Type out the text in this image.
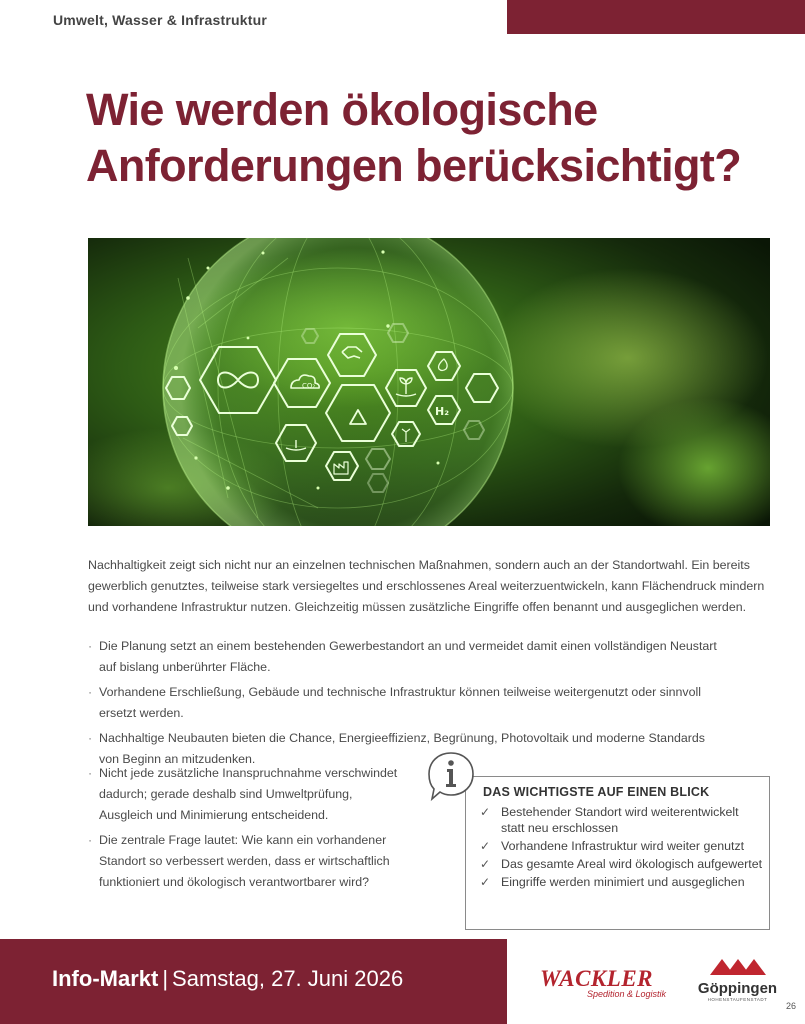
Umwelt, Wasser & Infrastruktur
Wie werden ökologische
Anforderungen berücksichtigt?
CO₂
H₂

Nachhaltigkeit zeigt sich nicht nur an einzelnen technischen Maßnahmen, sondern auch an der Standortwahl. Ein bereits gewerblich genutztes, teilweise stark versiegeltes und erschlossenes Areal weiterzuentwickeln, kann Flächendruck mindern und vorhandene Infrastruktur nutzen. Gleichzeitig müssen zusätzliche Eingriffe offen benannt und ausgeglichen werden.

· Die Planung setzt an einem bestehenden Gewerbestandort an und vermeidet damit einen vollständigen Neustart auf bislang unberührter Fläche.
· Vorhandene Erschließung, Gebäude und technische Infrastruktur können teilweise weitergenutzt oder sinnvoll ersetzt werden.
· Nachhaltige Neubauten bieten die Chance, Energieeffizienz, Begrünung, Photovoltaik und moderne Standards von Beginn an mitzudenken.
· Nicht jede zusätzliche Inanspruchnahme verschwindet dadurch; gerade deshalb sind Umweltprüfung, Ausgleich und Minimierung entscheidend.
· Die zentrale Frage lautet: Wie kann ein vorhandener Standort so verbessert werden, dass er wirtschaftlich funktioniert und ökologisch verantwortbarer wird?
DAS WICHTIGSTE AUF EINEN BLICK
✓ Bestehender Standort wird weiterentwickelt statt neu erschlossen
✓ Vorhandene Infrastruktur wird weiter genutzt
✓ Das gesamte Areal wird ökologisch aufgewertet
✓ Eingriffe werden minimiert und ausgeglichen
Info-Markt | Samstag, 27. Juni 2026	WACKLER
Spedition & Logistik	Göppingen
HOHENSTAUFENSTADT
26
